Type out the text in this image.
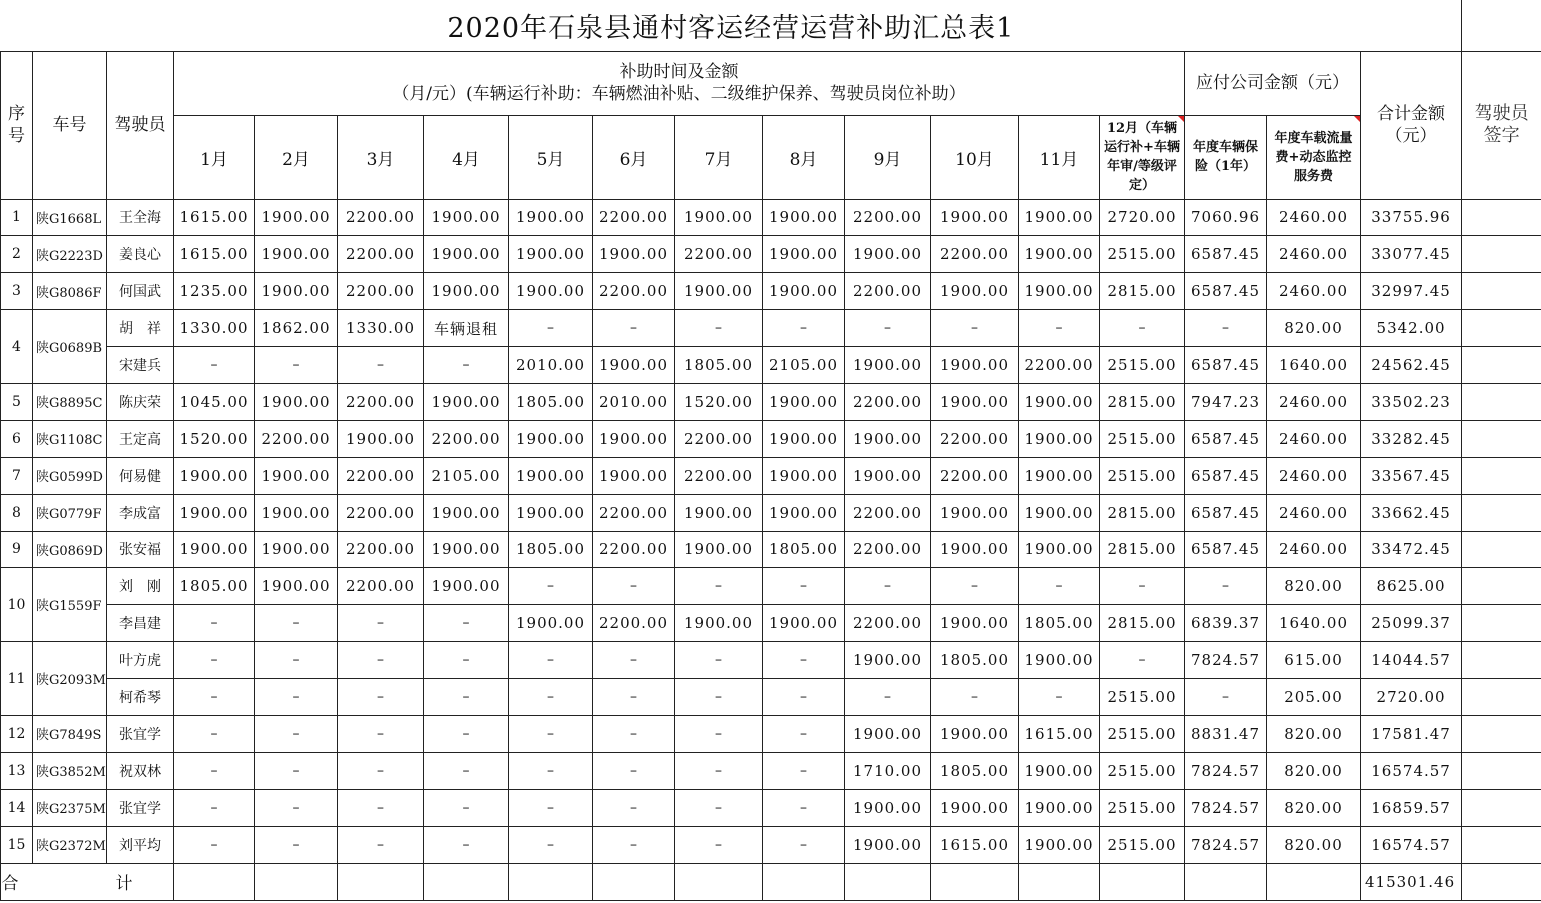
2020年石泉县通村客运经营运营补助汇总表1																		
序号	车号	驾驶员	补助时间及金额
（月/元）(车辆运行补助：车辆燃油补贴、二级维护保养、驾驶员岗位补助）												应付公司金额（元）		合计金额（元）	驾驶员签字
			1月	2月	3月	4月	5月	6月	7月	8月	9月	10月	11月	12月（车辆运行补+车辆年审/等级评定）	年度车辆保险（1年）	年度车载流量费+动态监控服务费		
1	陕G1668L	王全海	1615.00	1900.00	2200.00	1900.00	1900.00	2200.00	1900.00	1900.00	2200.00	1900.00	1900.00	2720.00	7060.96	2460.00	33755.96	
2	陕G2223D	姜良心	1615.00	1900.00	2200.00	1900.00	1900.00	1900.00	2200.00	1900.00	1900.00	2200.00	1900.00	2515.00	6587.45	2460.00	33077.45	
3	陕G8086F	何国武	1235.00	1900.00	2200.00	1900.00	1900.00	2200.00	1900.00	1900.00	2200.00	1900.00	1900.00	2815.00	6587.45	2460.00	32997.45	
4	陕G0689B	胡　祥	1330.00	1862.00	1330.00	车辆退租	–	–	–	–	–	–	–	–	–	820.00	5342.00	
		宋建兵	–	–	–	–	2010.00	1900.00	1805.00	2105.00	1900.00	1900.00	2200.00	2515.00	6587.45	1640.00	24562.45	
5	陕G8895C	陈庆荣	1045.00	1900.00	2200.00	1900.00	1805.00	2010.00	1520.00	1900.00	2200.00	1900.00	1900.00	2815.00	7947.23	2460.00	33502.23	
6	陕G1108C	王定高	1520.00	2200.00	1900.00	2200.00	1900.00	1900.00	2200.00	1900.00	1900.00	2200.00	1900.00	2515.00	6587.45	2460.00	33282.45	
7	陕G0599D	何易健	1900.00	1900.00	2200.00	2105.00	1900.00	1900.00	2200.00	1900.00	1900.00	2200.00	1900.00	2515.00	6587.45	2460.00	33567.45	
8	陕G0779F	李成富	1900.00	1900.00	2200.00	1900.00	1900.00	2200.00	1900.00	1900.00	2200.00	1900.00	1900.00	2815.00	6587.45	2460.00	33662.45	
9	陕G0869D	张安福	1900.00	1900.00	2200.00	1900.00	1805.00	2200.00	1900.00	1805.00	2200.00	1900.00	1900.00	2815.00	6587.45	2460.00	33472.45	
10	陕G1559F	刘　刚	1805.00	1900.00	2200.00	1900.00	–	–	–	–	–	–	–	–	–	820.00	8625.00	
		李昌建	–	–	–	–	1900.00	2200.00	1900.00	1900.00	2200.00	1900.00	1805.00	2815.00	6839.37	1640.00	25099.37	
11	陕G2093M	叶方虎	–	–	–	–	–	–	–	–	1900.00	1805.00	1900.00	–	7824.57	615.00	14044.57	
		柯希琴	–	–	–	–	–	–	–	–	–	–	–	2515.00	–	205.00	2720.00	
12	陕G7849S	张宜学	–	–	–	–	–	–	–	–	1900.00	1900.00	1615.00	2515.00	8831.47	820.00	17581.47	
13	陕G3852M	祝双林	–	–	–	–	–	–	–	–	1710.00	1805.00	1900.00	2515.00	7824.57	820.00	16574.57	
14	陕G2375M	张宜学	–	–	–	–	–	–	–	–	1900.00	1900.00	1900.00	2515.00	7824.57	820.00	16859.57	
15	陕G2372M	刘平均	–	–	–	–	–	–	–	–	1900.00	1615.00	1900.00	2515.00	7824.57	820.00	16574.57	
合　计																	415301.46	
